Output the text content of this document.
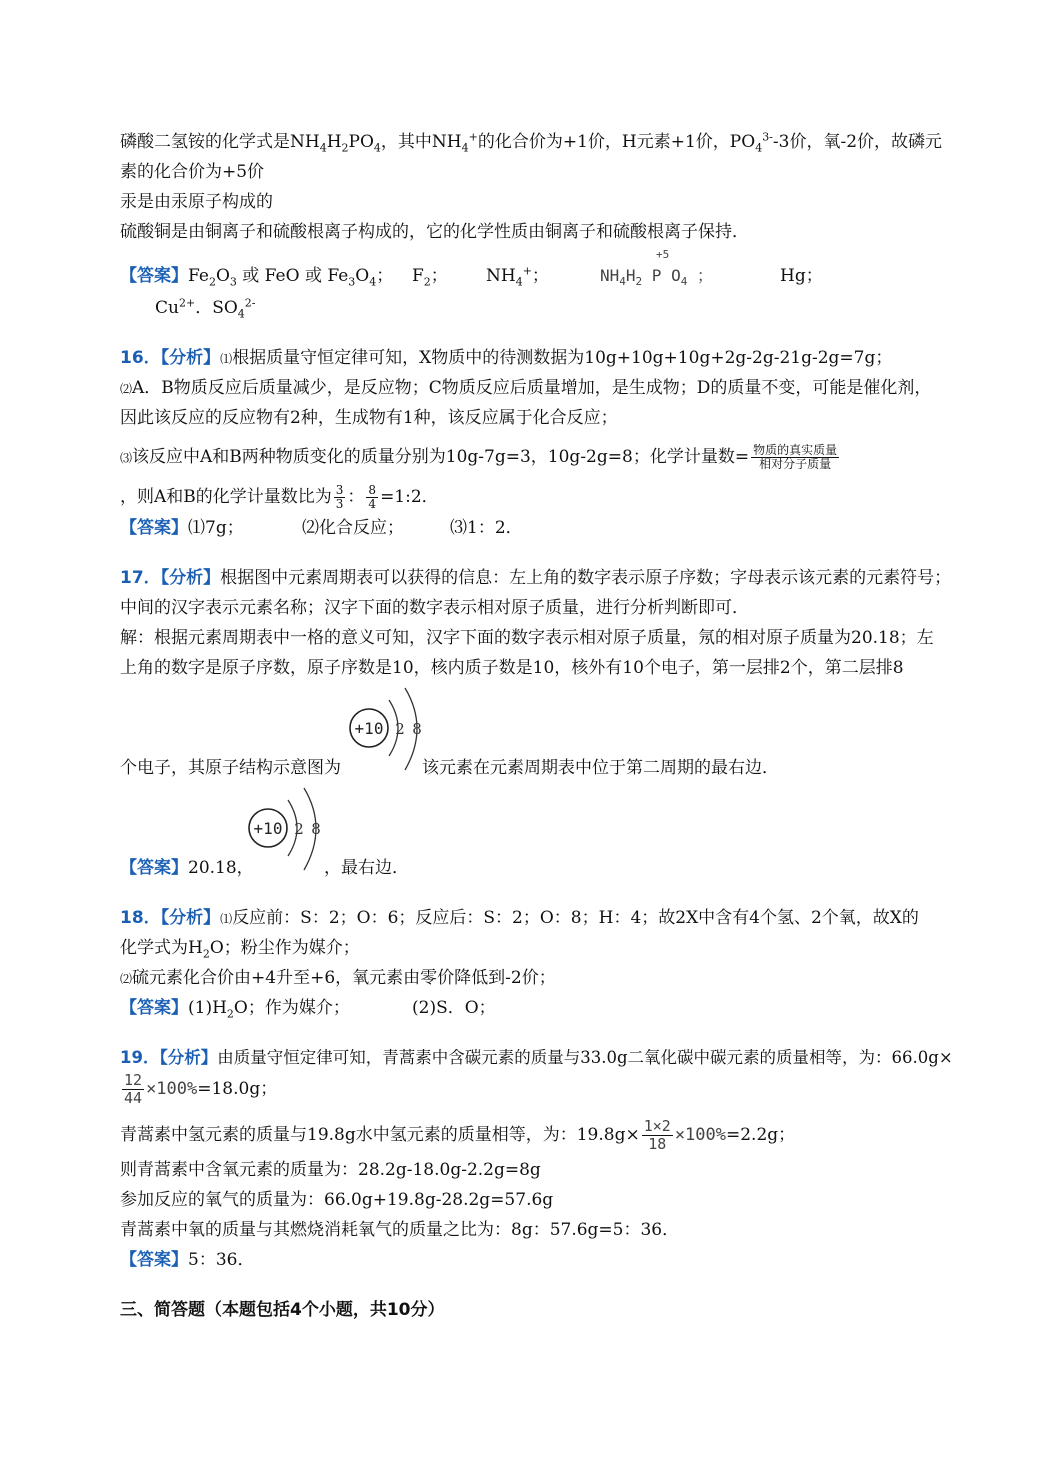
磷酸二氢铵的化学式是$NH_4H_2PO_4$，其中$NH_4^+$的化合价为+1价，H元素+1价，$PO_4^{3-}-3$价，氧-2价，故磷元
素的化合价为+5价
汞是由汞原子构成的
硫酸铜是由铜离子和硫酸根离子构成的，它的化学性质由铜离子和硫酸根离子保持．
【答案】$Fe_2O_3$ 或 FeO 或 $Fe_3O_4$； $F_2$； $NH_4^+$；	$NH_4H_2$ P $O_4$ ；
+5
Hg；
$Cu^{2+}$．$SO_4^{2-}$
16．【分析】⑴根据质量守恒定律可知，X物质中的待测数据为10g+10g+10g+2g-2g-21g-2g=7g；
⑵A．B物质反应后质量减少，是反应物；C物质反应后质量增加，是生成物；D的质量不变，可能是催化剂，
因此该反应的反应物有2种，生成物有1种，该反应属于化合反应；
⑶该反应中A和B两种物质变化的质量分别为10g-7g=3，10g-2g=8；化学计量数= $\frac{\text{物质的真实质量}}{\text{相对分子质量}}$
，则A和B的化学计量数比为 $\frac{3}{3}$ ： $\frac{8}{4}$ =1:2．
【答案】⑴7g；	⑵化合反应；	⑶1：2．
17．【分析】根据图中元素周期表可以获得的信息：左上角的数字表示原子序数；字母表示该元素的元素符号；
中间的汉字表示元素名称；汉字下面的数字表示相对原子质量，进行分析判断即可．
解：根据元素周期表中一格的意义可知，汉字下面的数字表示相对原子质量，氖的相对原子质量为20.18；左
上角的数字是原子序数，原子序数是10，核内质子数是10，核外有10个电子，第一层排2个，第二层排8
+10 2 8
个电子，其原子结构示意图为	该元素在元素周期表中位于第二周期的最右边．
+10 2 8
【答案】20.18，	，最右边．
18．【分析】⑴反应前：S：2；O：6；反应后：S：2；O：8；H：4；故2X中含有4个氢、2个氧，故X的
化学式为$H_2O$；粉尘作为媒介；
⑵硫元素化合价由+4升至+6，氧元素由零价降低到-2价；
【答案】$(1)H_2O$；作为媒介；	(2)S．O；
19．【分析】由质量守恒定律可知，青蒿素中含碳元素的质量与33.0g二氧化碳中碳元素的质量相等，为：66.0g×
$\frac{12}{44} \times 100\%=18.0g$；
青蒿素中氢元素的质量与19.8g水中氢元素的质量相等，为：$19.8g\times \frac{1\times 2}{18} \times 100\%=2.2g$；
则青蒿素中含氧元素的质量为：28.2g-18.0g-2.2g=8g
参加反应的氧气的质量为：66.0g+19.8g-28.2g=57.6g
青蒿素中氧的质量与其燃烧消耗氧气的质量之比为：8g：57.6g=5：36．
【答案】5：36．
三、简答题（本题包括4个小题，共10分）
